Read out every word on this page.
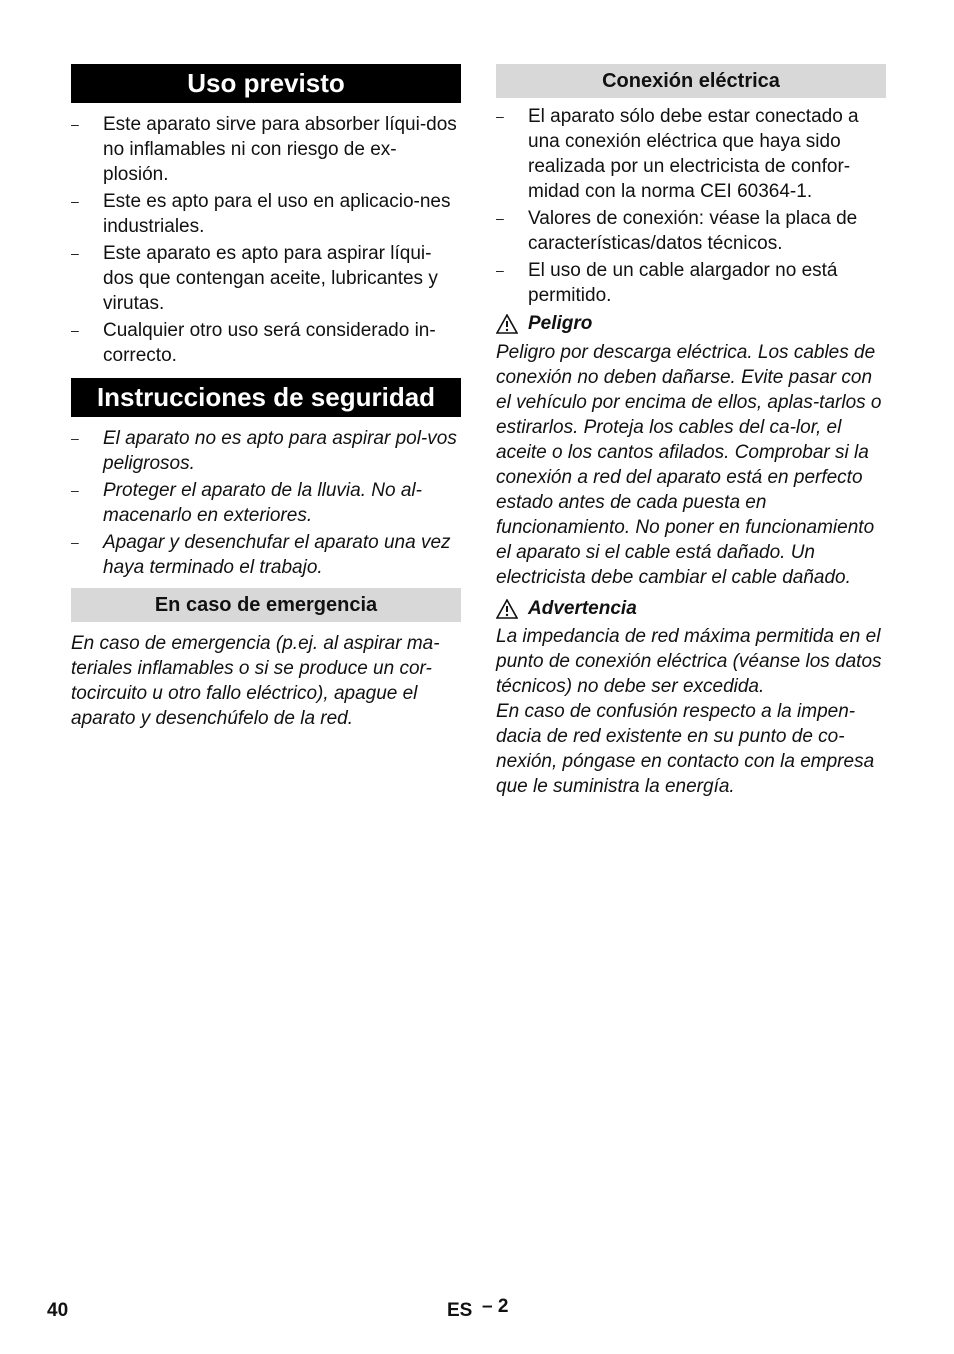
Uso previsto
– Este aparato sirve para absorber líqui-dos no inflamables ni con riesgo de ex-plosión.
– Este es apto para el uso en aplicacio-nes industriales.
– Este aparato es apto para aspirar líqui-dos que contengan aceite, lubricantes y virutas.
– Cualquier otro uso será considerado in-correcto.
Instrucciones de seguridad
– El aparato no es apto para aspirar pol-vos peligrosos.
– Proteger el aparato de la lluvia. No al-macenarlo en exteriores.
– Apagar y desenchufar el aparato una vez haya terminado el trabajo.
En caso de emergencia
En caso de emergencia (p.ej. al aspirar ma-teriales inflamables o si se produce un cor-tocircuito u otro fallo eléctrico), apague el aparato y desenchúfelo de la red.
Conexión eléctrica
– El aparato sólo debe estar conectado a una conexión eléctrica que haya sido realizada por un electricista de confor-midad con la norma CEI 60364-1.
– Valores de conexión: véase la placa de características/datos técnicos.
– El uso de un cable alargador no está permitido.
Peligro
Peligro por descarga eléctrica. Los cables de conexión no deben dañarse. Evite pasar con el vehículo por encima de ellos, aplas-tarlos o estirarlos. Proteja los cables del ca-lor, el aceite o los cantos afilados. Comprobar si la conexión a red del aparato está en perfecto estado antes de cada puesta en funcionamiento. No poner en funcionamiento el aparato si el cable está dañado. Un electricista debe cambiar el cable dañado.
Advertencia
La impedancia de red máxima permitida en el punto de conexión eléctrica (véanse los datos técnicos) no debe ser excedida.
En caso de confusión respecto a la impen-dacia de red existente en su punto de co-nexión, póngase en contacto con la empresa que le suministra la energía.
40	ES – 2
